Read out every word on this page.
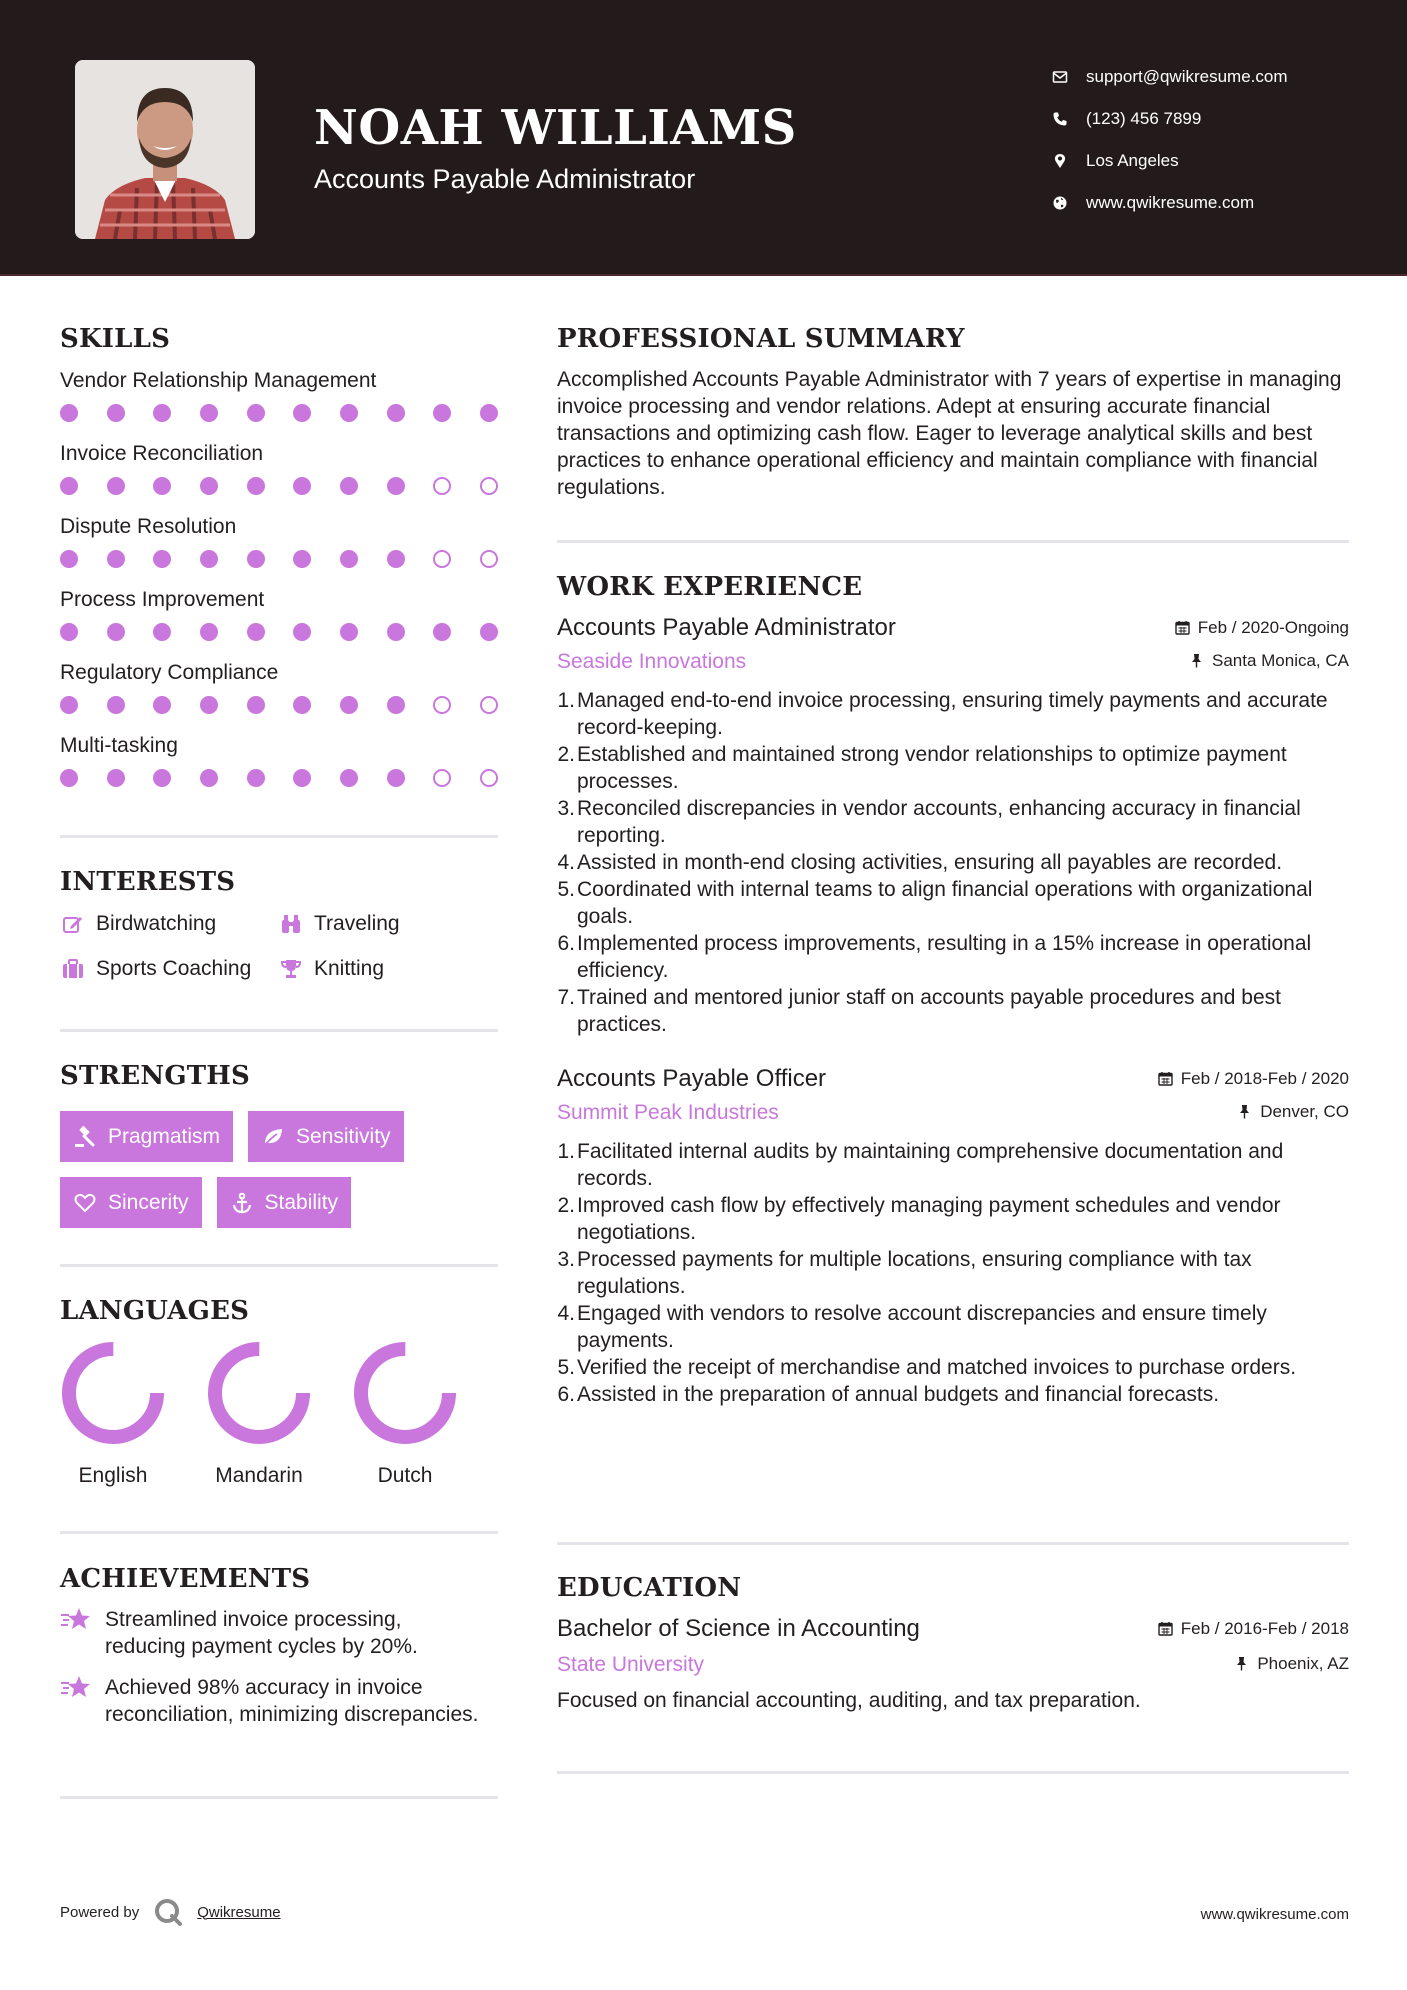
NOAH WILLIAMS
Accounts Payable Administrator
support@qwikresume.com
(123) 456 7899
Los Angeles
www.qwikresume.com
SKILLS
Vendor Relationship Management
Invoice Reconciliation
Dispute Resolution
Process Improvement
Regulatory Compliance
Multi-tasking
INTERESTS
Birdwatching	Traveling
Sports Coaching	Knitting
STRENGTHS
Pragmatism	Sensitivity
Sincerity	Stability
LANGUAGES
English	Mandarin	Dutch
ACHIEVEMENTS
Streamlined invoice processing, reducing payment cycles by 20%.
Achieved 98% accuracy in invoice reconciliation, minimizing discrepancies.
PROFESSIONAL SUMMARY
Accomplished Accounts Payable Administrator with 7 years of expertise in managing invoice processing and vendor relations. Adept at ensuring accurate financial transactions and optimizing cash flow. Eager to leverage analytical skills and best practices to enhance operational efficiency and maintain compliance with financial regulations.
WORK EXPERIENCE
Accounts Payable Administrator	Feb / 2020-Ongoing
Seaside Innovations	Santa Monica, CA
1. Managed end-to-end invoice processing, ensuring timely payments and accurate record-keeping.
2. Established and maintained strong vendor relationships to optimize payment processes.
3. Reconciled discrepancies in vendor accounts, enhancing accuracy in financial reporting.
4. Assisted in month-end closing activities, ensuring all payables are recorded.
5. Coordinated with internal teams to align financial operations with organizational goals.
6. Implemented process improvements, resulting in a 15% increase in operational efficiency.
7. Trained and mentored junior staff on accounts payable procedures and best practices.
Accounts Payable Officer	Feb / 2018-Feb / 2020
Summit Peak Industries	Denver, CO
1. Facilitated internal audits by maintaining comprehensive documentation and records.
2. Improved cash flow by effectively managing payment schedules and vendor negotiations.
3. Processed payments for multiple locations, ensuring compliance with tax regulations.
4. Engaged with vendors to resolve account discrepancies and ensure timely payments.
5. Verified the receipt of merchandise and matched invoices to purchase orders.
6. Assisted in the preparation of annual budgets and financial forecasts.
EDUCATION
Bachelor of Science in Accounting	Feb / 2016-Feb / 2018
State University	Phoenix, AZ
Focused on financial accounting, auditing, and tax preparation.
Powered by	Qwikresume	www.qwikresume.com
